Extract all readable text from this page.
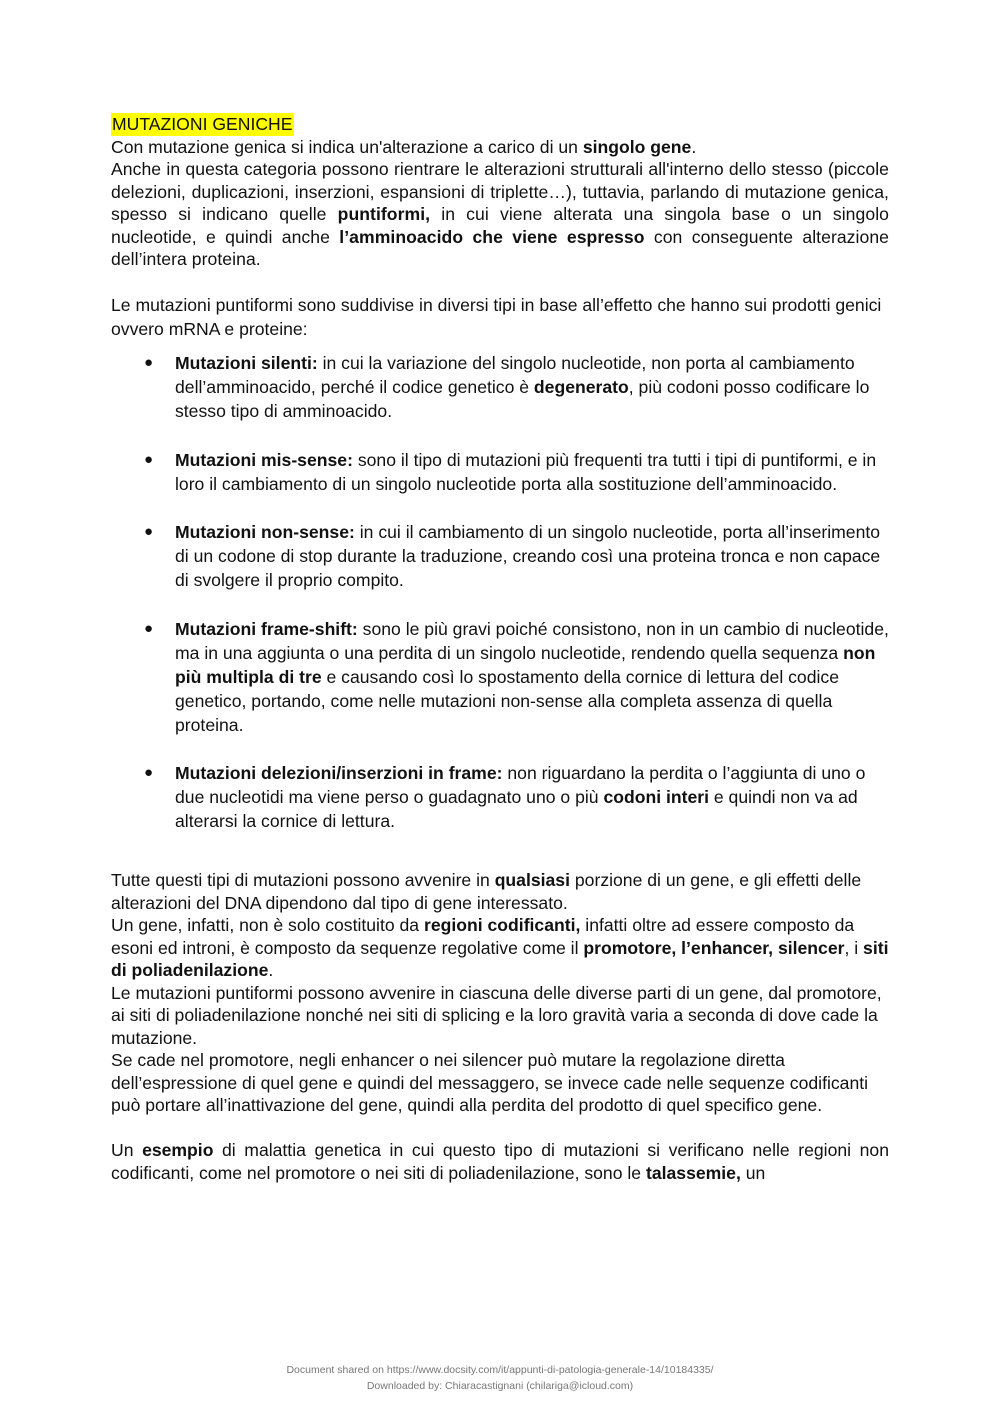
MUTAZIONI GENICHE

Con mutazione genica si indica un'alterazione a carico di un singolo gene.

Anche in questa categoria possono rientrare le alterazioni strutturali all'interno dello stesso (piccole delezioni, duplicazioni, inserzioni, espansioni di triplette…), tuttavia, parlando di mutazione genica, spesso si indicano quelle puntiformi, in cui viene alterata una singola base o un singolo nucleotide, e quindi anche l’amminoacido che viene espresso con conseguente alterazione dell’intera proteina.

Le mutazioni puntiformi sono suddivise in diversi tipi in base all’effetto che hanno sui prodotti genici ovvero mRNA e proteine:

● Mutazioni silenti: in cui la variazione del singolo nucleotide, non porta al cambiamento dell’amminoacido, perché il codice genetico è degenerato, più codoni posso codificare lo stesso tipo di amminoacido.
● Mutazioni mis-sense: sono il tipo di mutazioni più frequenti tra tutti i tipi di puntiformi, e in loro il cambiamento di un singolo nucleotide porta alla sostituzione dell’amminoacido.
● Mutazioni non-sense: in cui il cambiamento di un singolo nucleotide, porta all’inserimento di un codone di stop durante la traduzione, creando così una proteina tronca e non capace di svolgere il proprio compito.
● Mutazioni frame-shift: sono le più gravi poiché consistono, non in un cambio di nucleotide, ma in una aggiunta o una perdita di un singolo nucleotide, rendendo quella sequenza non più multipla di tre e causando così lo spostamento della cornice di lettura del codice genetico, portando, come nelle mutazioni non-sense alla completa assenza di quella proteina.
● Mutazioni delezioni/inserzioni in frame: non riguardano la perdita o l’aggiunta di uno o due nucleotidi ma viene perso o guadagnato uno o più codoni interi e quindi non va ad alterarsi la cornice di lettura.

Tutte questi tipi di mutazioni possono avvenire in qualsiasi porzione di un gene, e gli effetti delle alterazioni del DNA dipendono dal tipo di gene interessato.

Un gene, infatti, non è solo costituito da regioni codificanti, infatti oltre ad essere composto da esoni ed introni, è composto da sequenze regolative come il promotore, l’enhancer, silencer, i siti di poliadenilazione.

Le mutazioni puntiformi possono avvenire in ciascuna delle diverse parti di un gene, dal promotore, ai siti di poliadenilazione nonché nei siti di splicing e la loro gravità varia a seconda di dove cade la mutazione.

Se cade nel promotore, negli enhancer o nei silencer può mutare la regolazione diretta dell’espressione di quel gene e quindi del messaggero, se invece cade nelle sequenze codificanti può portare all’inattivazione del gene, quindi alla perdita del prodotto di quel specifico gene.

Un esempio di malattia genetica in cui questo tipo di mutazioni si verificano nelle regioni non codificanti, come nel promotore o nei siti di poliadenilazione, sono le talassemie, un

Document shared on https://www.docsity.com/it/appunti-di-patologia-generale-14/10184335/
Downloaded by: Chiaracastignani (chilariga@icloud.com)
